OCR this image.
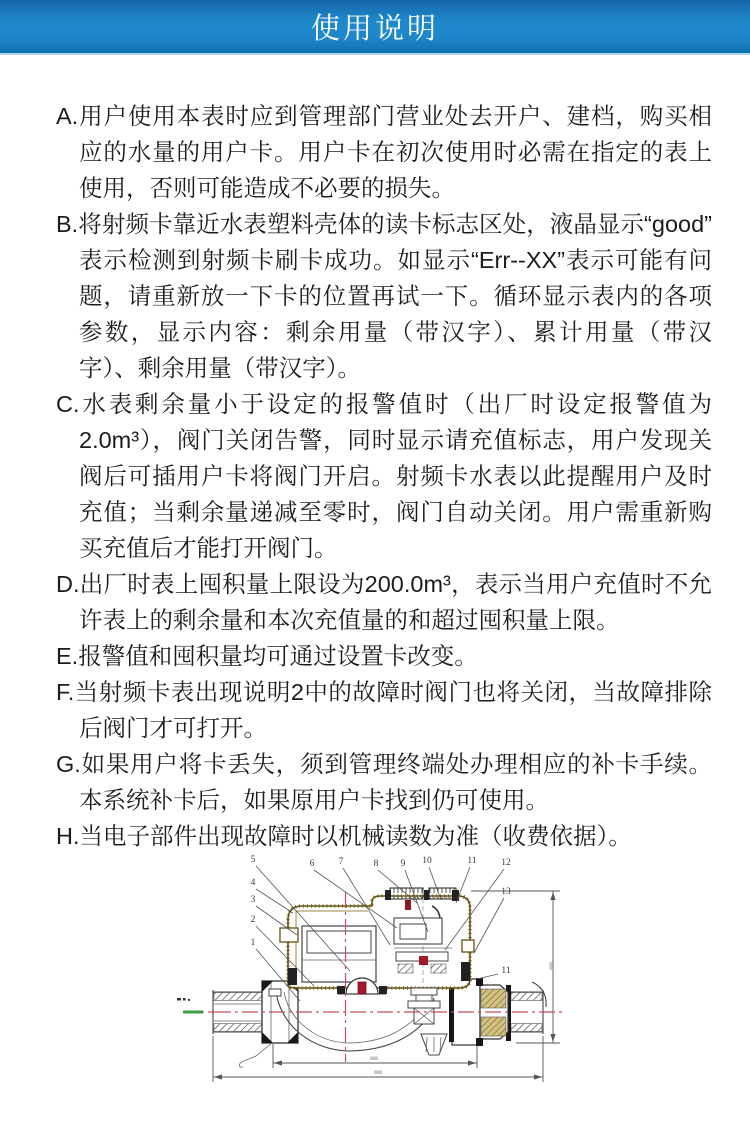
使用说明

A.用户使用本表时应到管理部门营业处去开户、建档，购买相应的水量的用户卡。用户卡在初次使用时必需在指定的表上使用，否则可能造成不必要的损失。

B.将射频卡靠近水表塑料壳体的读卡标志区处，液晶显示“good”表示检测到射频卡刷卡成功。如显示“Err--XX”表示可能有问题，请重新放一下卡的位置再试一下。循环显示表内的各项参数，显示内容：剩余用量（带汉字）、累计用量（带汉字）、剩余用量（带汉字）。

C.水表剩余量小于设定的报警值时（出厂时设定报警值为2.0m³），阀门关闭告警，同时显示请充值标志，用户发现关阀后可插用户卡将阀门开启。射频卡水表以此提醒用户及时充值；当剩余量递减至零时，阀门自动关闭。用户需重新购买充值后才能打开阀门。

D.出厂时表上囤积量上限设为200.0m³，表示当用户充值时不允许表上的剩余量和本次充值量的和超过囤积量上限。

E.报警值和囤积量均可通过设置卡改变。

F.当射频卡表出现说明2中的故障时阀门也将关闭，当故障排除后阀门才可打开。

G.如果用户将卡丢失，须到管理终端处办理相应的补卡手续。本系统补卡后，如果原用户卡找到仍可使用。

H.当电子部件出现故障时以机械读数为准（收费依据）。

5
4
3
2
1
6	7	8 9 10	11	12
13
11
